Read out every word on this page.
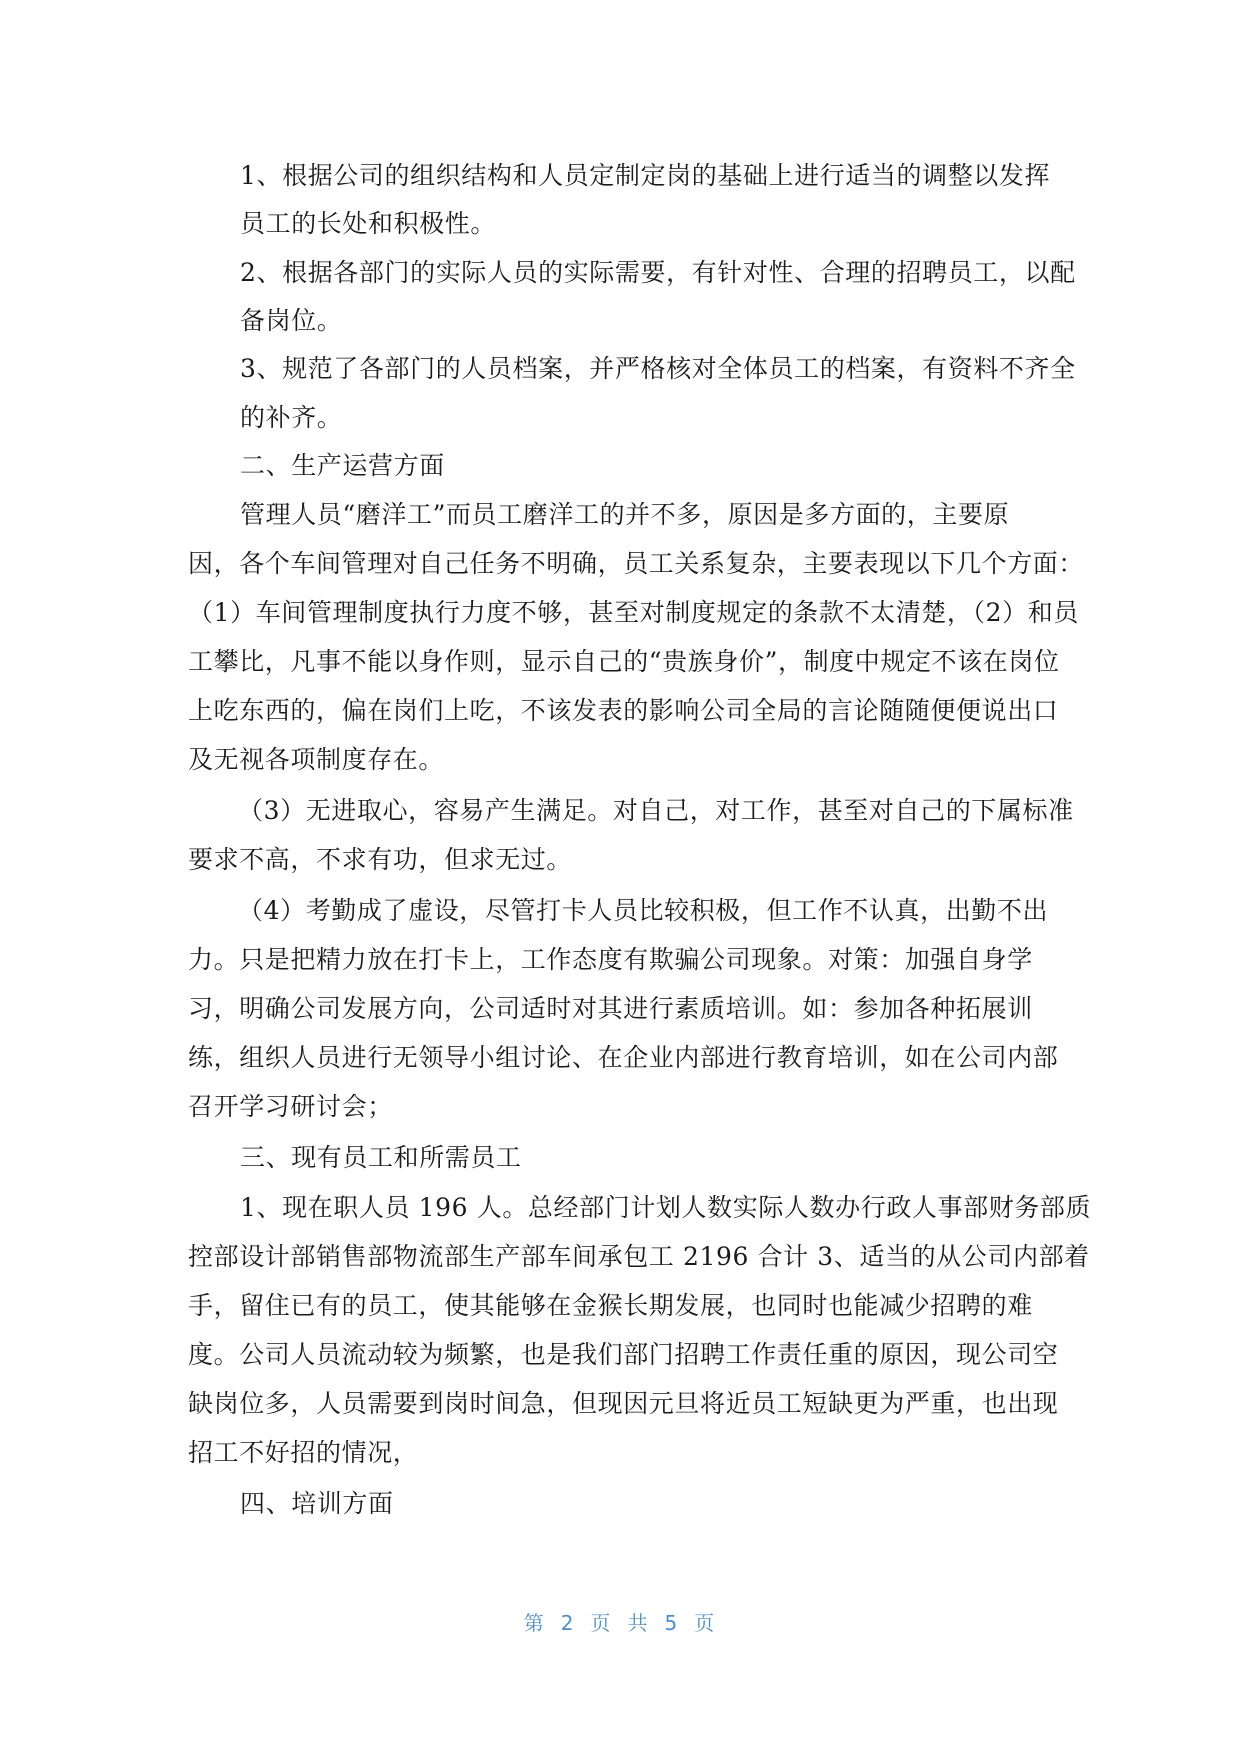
1、根据公司的组织结构和人员定制定岗的基础上进行适当的调整以发挥
员工的长处和积极性。
2、根据各部门的实际人员的实际需要，有针对性、合理的招聘员工，以配
备岗位。
3、规范了各部门的人员档案，并严格核对全体员工的档案，有资料不齐全
的补齐。
二、生产运营方面
管理人员“磨洋工”而员工磨洋工的并不多，原因是多方面的，主要原
因，各个车间管理对自己任务不明确，员工关系复杂，主要表现以下几个方面：
（1）车间管理制度执行力度不够，甚至对制度规定的条款不太清楚，（2）和员
工攀比，凡事不能以身作则，显示自己的“贵族身价”，制度中规定不该在岗位
上吃东西的，偏在岗们上吃，不该发表的影响公司全局的言论随随便便说出口
及无视各项制度存在。
（3）无进取心，容易产生满足。对自己，对工作，甚至对自己的下属标准
要求不高，不求有功，但求无过。
（4）考勤成了虚设，尽管打卡人员比较积极，但工作不认真，出勤不出
力。只是把精力放在打卡上，工作态度有欺骗公司现象。对策：加强自身学
习，明确公司发展方向，公司适时对其进行素质培训。如：参加各种拓展训
练，组织人员进行无领导小组讨论、在企业内部进行教育培训，如在公司内部
召开学习研讨会；
三、现有员工和所需员工
1、现在职人员 196 人。总经部门计划人数实际人数办行政人事部财务部质
控部设计部销售部物流部生产部车间承包工 2196 合计 3、适当的从公司内部着
手，留住已有的员工，使其能够在金猴长期发展，也同时也能减少招聘的难
度。公司人员流动较为频繁，也是我们部门招聘工作责任重的原因，现公司空
缺岗位多，人员需要到岗时间急，但现因元旦将近员工短缺更为严重，也出现
招工不好招的情况，
四、培训方面
第 2 页 共 5 页
